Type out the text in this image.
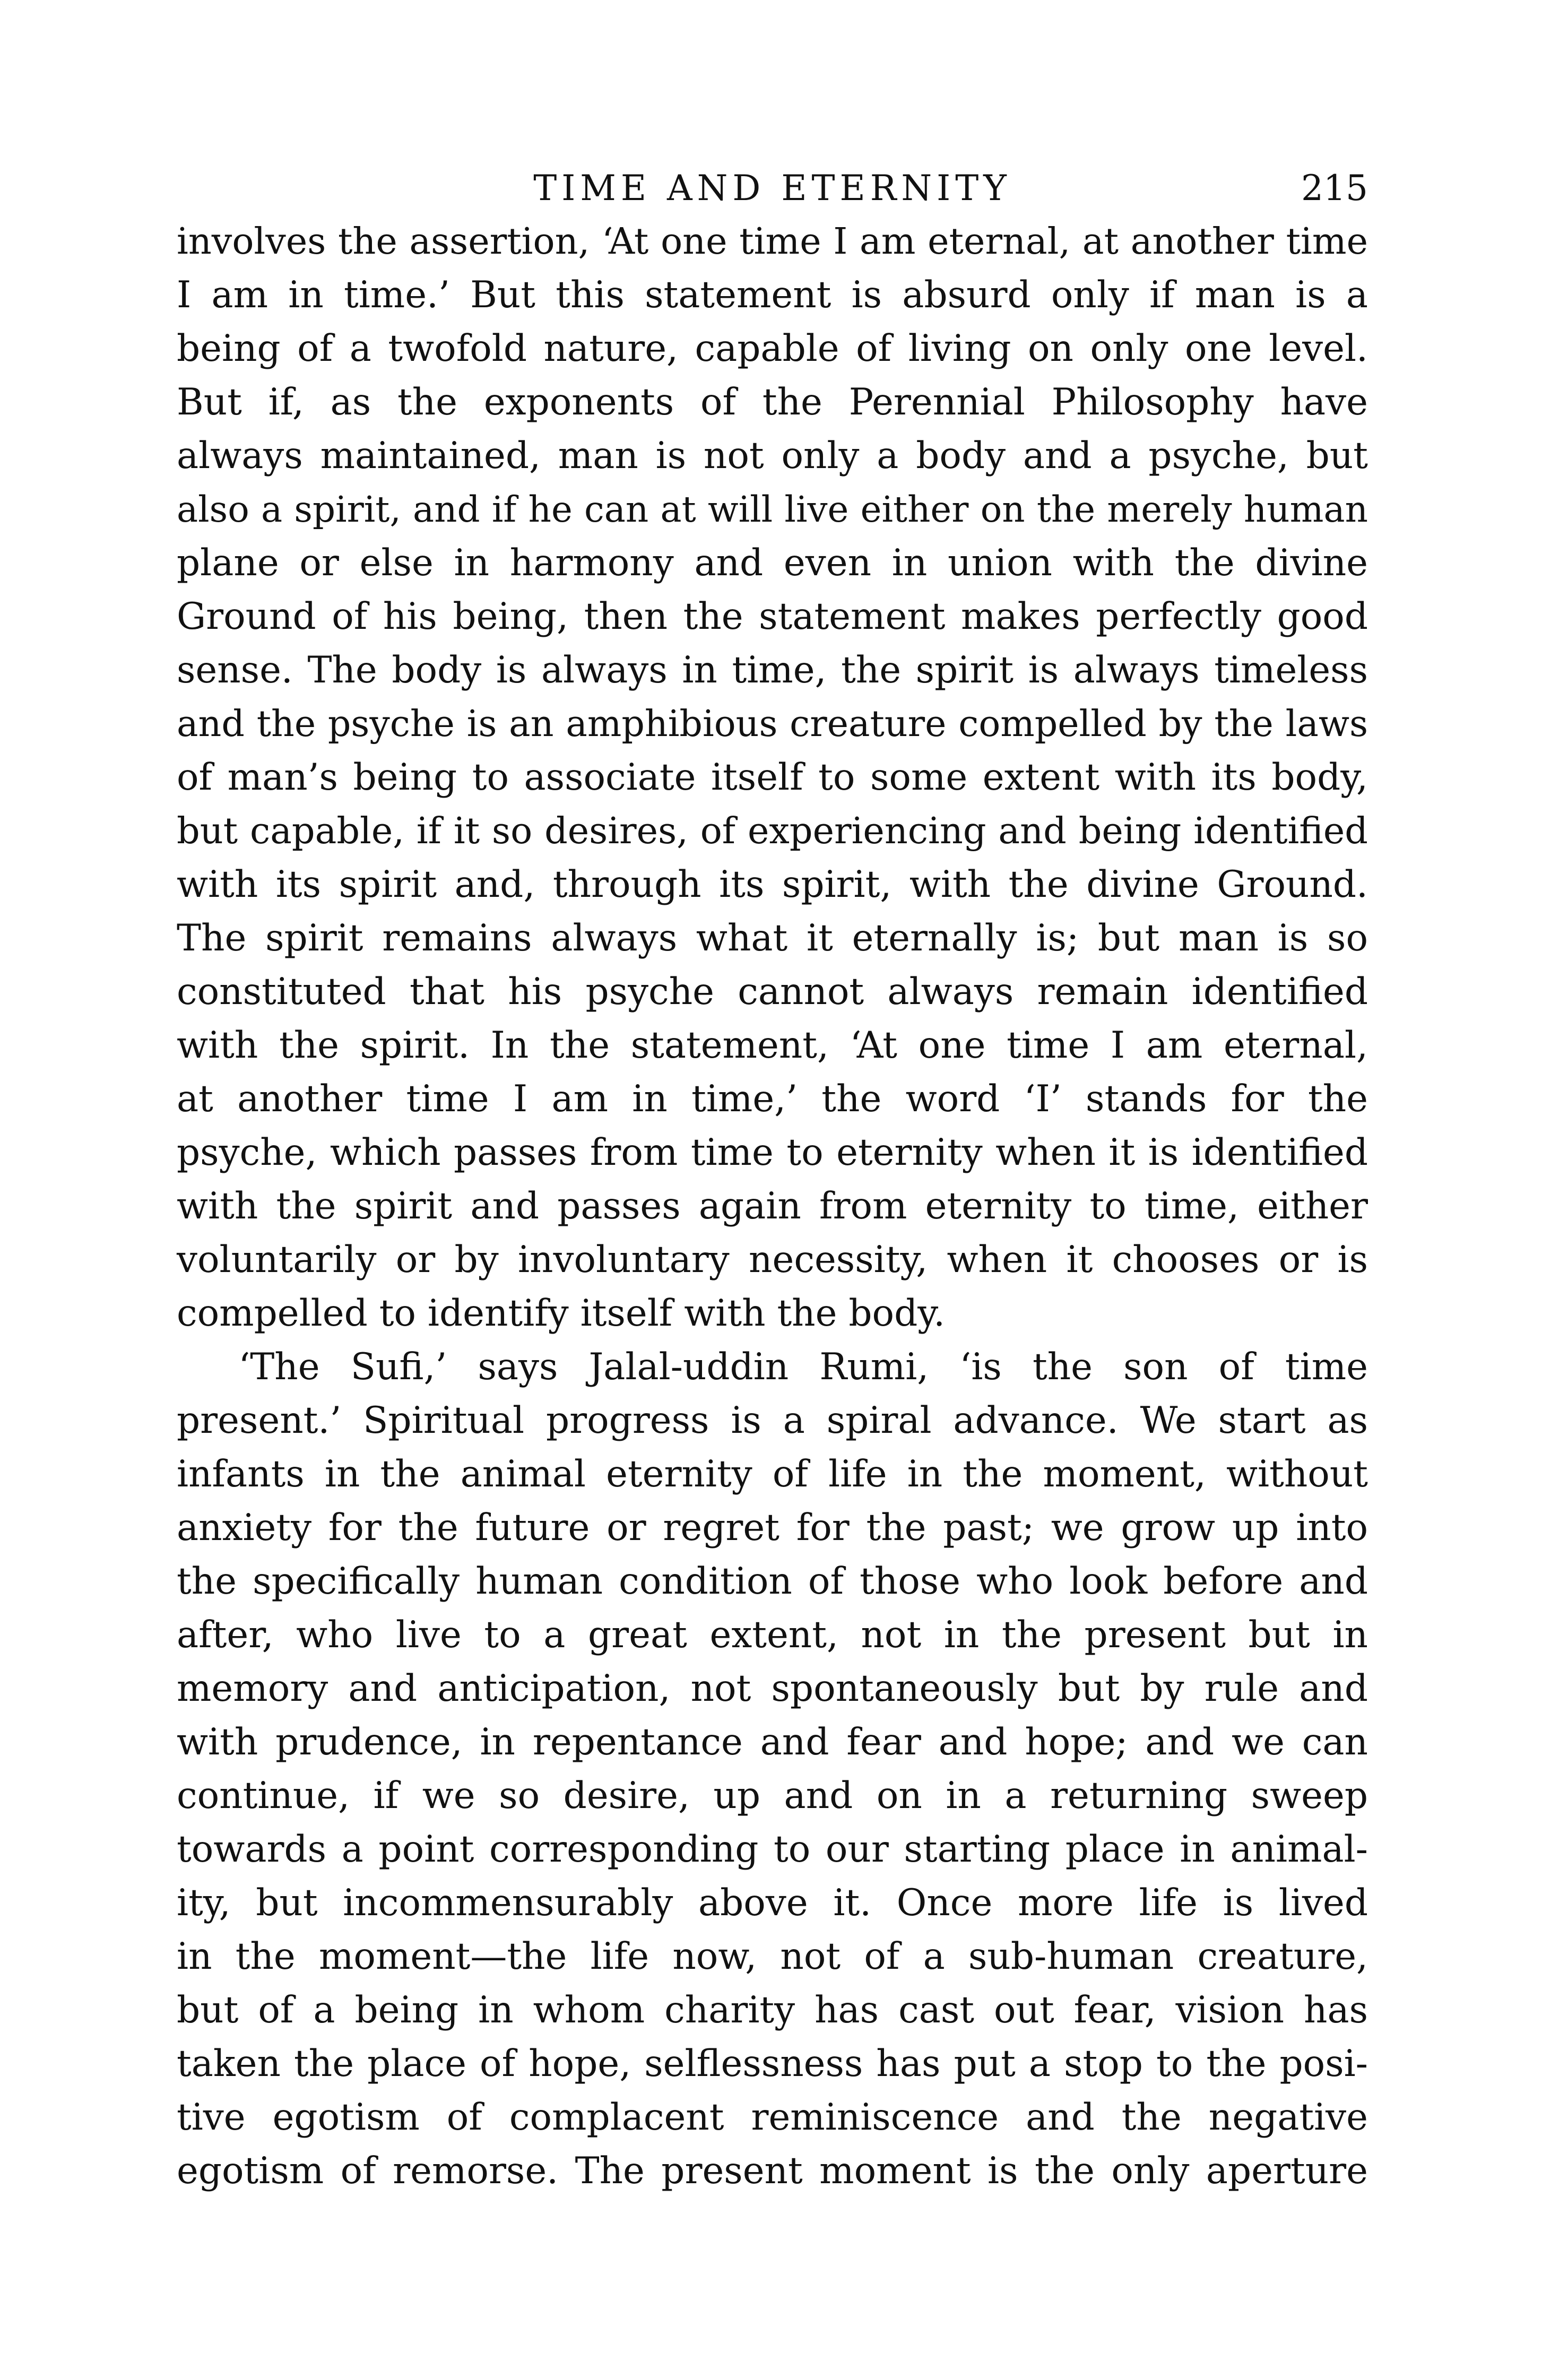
TIME AND ETERNITY	215
involves the assertion, ‘At one time I am eternal, at another time
I am in time.’ But this statement is absurd only if man is a
being of a twofold nature, capable of living on only one level.
But if, as the exponents of the Perennial Philosophy have
always maintained, man is not only a body and a psyche, but
also a spirit, and if he can at will live either on the merely human
plane or else in harmony and even in union with the divine
Ground of his being, then the statement makes perfectly good
sense. The body is always in time, the spirit is always timeless
and the psyche is an amphibious creature compelled by the laws
of man’s being to associate itself to some extent with its body,
but capable, if it so desires, of experiencing and being identified
with its spirit and, through its spirit, with the divine Ground.
The spirit remains always what it eternally is; but man is so
constituted that his psyche cannot always remain identified
with the spirit. In the statement, ‘At one time I am eternal,
at another time I am in time,’ the word ‘I’ stands for the
psyche, which passes from time to eternity when it is identified
with the spirit and passes again from eternity to time, either
voluntarily or by involuntary necessity, when it chooses or is
compelled to identify itself with the body.
‘The Sufi,’ says Jalal-uddin Rumi, ‘is the son of time
present.’ Spiritual progress is a spiral advance. We start as
infants in the animal eternity of life in the moment, without
anxiety for the future or regret for the past; we grow up into
the specifically human condition of those who look before and
after, who live to a great extent, not in the present but in
memory and anticipation, not spontaneously but by rule and
with prudence, in repentance and fear and hope; and we can
continue, if we so desire, up and on in a returning sweep
towards a point corresponding to our starting place in animal-
ity, but incommensurably above it. Once more life is lived
in the moment—the life now, not of a sub-human creature,
but of a being in whom charity has cast out fear, vision has
taken the place of hope, selflessness has put a stop to the posi-
tive egotism of complacent reminiscence and the negative
egotism of remorse. The present moment is the only aperture
